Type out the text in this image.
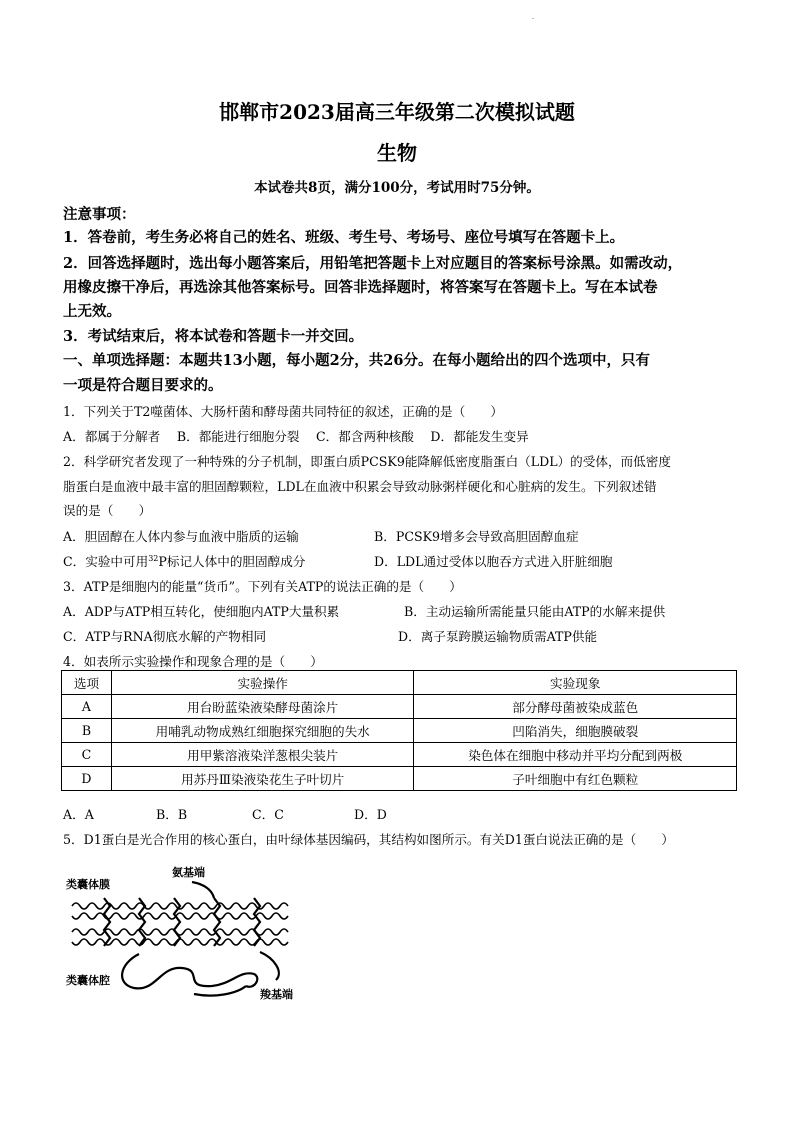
.
邯郸市2023届高三年级第二次模拟试题
生物
本试卷共8页，满分100分，考试用时75分钟。
注意事项：
1．答卷前，考生务必将自己的姓名、班级、考生号、考场号、座位号填写在答题卡上。
2．回答选择题时，选出每小题答案后，用铅笔把答题卡上对应题目的答案标号涂黑。如需改动，
用橡皮擦干净后，再选涂其他答案标号。回答非选择题时，将答案写在答题卡上。写在本试卷
上无效。
3．考试结束后，将本试卷和答题卡一并交回。
一、单项选择题：本题共13小题，每小题2分，共26分。在每小题给出的四个选项中，只有
一项是符合题目要求的。
1．下列关于T2噬菌体、大肠杆菌和酵母菌共同特征的叙述，正确的是（　　）
A．都属于分解者　 B．都能进行细胞分裂　 C．都含两种核酸　 D．都能发生变异
2．科学研究者发现了一种特殊的分子机制，即蛋白质PCSK9能降解低密度脂蛋白（LDL）的受体，而低密度
脂蛋白是血液中最丰富的胆固醇颗粒，LDL在血液中积累会导致动脉粥样硬化和心脏病的发生。下列叙述错
误的是（　　）
A．胆固醇在人体内参与血液中脂质的运输	B．PCSK9增多会导致高胆固醇血症
C．实验中可用$^{32}$P标记人体中的胆固醇成分	D．LDL通过受体以胞吞方式进入肝脏细胞
3．ATP是细胞内的能量“货币”。下列有关ATP的说法正确的是（　　）
A．ADP与ATP相互转化，使细胞内ATP大量积累	B．主动运输所需能量只能由ATP的水解来提供
C．ATP与RNA彻底水解的产物相同	D．离子泵跨膜运输物质需ATP供能
4．如表所示实验操作和现象合理的是（　　）
选项	实验操作	实验现象
A	用台盼蓝染液染酵母菌涂片	部分酵母菌被染成蓝色
B	用哺乳动物成熟红细胞探究细胞的失水	凹陷消失，细胞膜破裂
C	用甲紫溶液染洋葱根尖装片	染色体在细胞中移动并平均分配到两极
D	用苏丹Ⅲ染液染花生子叶切片	子叶细胞中有红色颗粒
A．A	B．B	C．C	D．D
5．D1蛋白是光合作用的核心蛋白，由叶绿体基因编码，其结构如图所示。有关D1蛋白说法正确的是（　　）
类囊体膜
氨基端
类囊体腔
羧基端
